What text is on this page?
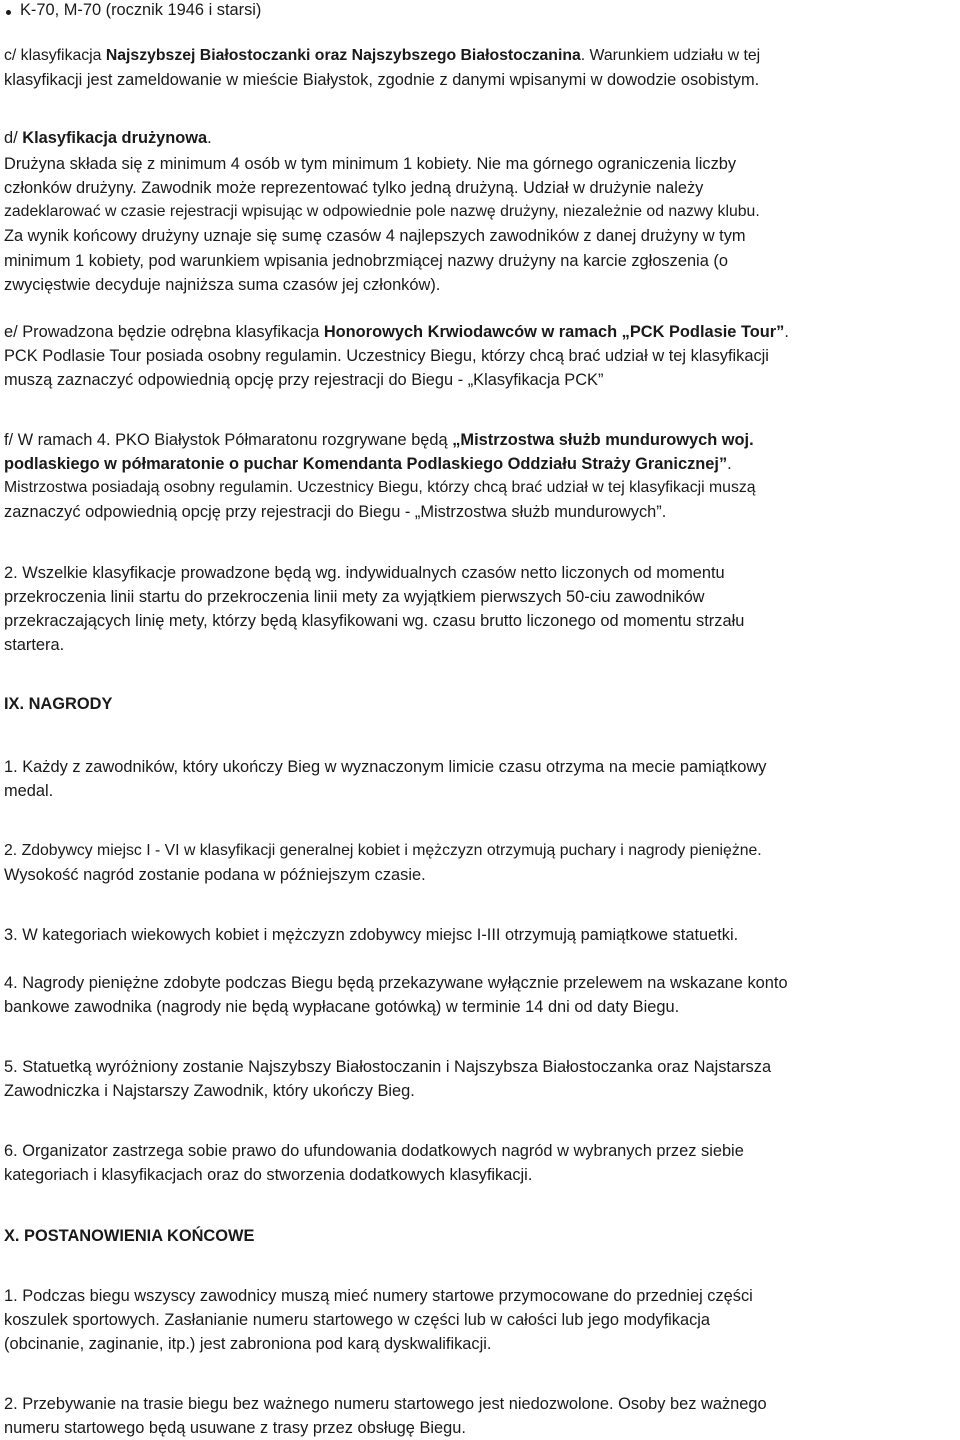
K-70, M-70 (rocznik 1946 i starsi)
c/ klasyfikacja Najszybszej Białostoczanki oraz Najszybszego Białostoczanina. Warunkiem udziału w tej
klasyfikacji jest zameldowanie w mieście Białystok, zgodnie z danymi wpisanymi w dowodzie osobistym.
d/ Klasyfikacja drużynowa.
Drużyna składa się z minimum 4 osób w tym minimum 1 kobiety. Nie ma górnego ograniczenia liczby
członków drużyny. Zawodnik może reprezentować tylko jedną drużyną. Udział w drużynie należy
zadeklarować w czasie rejestracji wpisując w odpowiednie pole nazwę drużyny, niezależnie od nazwy klubu.
Za wynik końcowy drużyny uznaje się sumę czasów 4 najlepszych zawodników z danej drużyny w tym
minimum 1 kobiety, pod warunkiem wpisania jednobrzmiącej nazwy drużyny na karcie zgłoszenia (o
zwycięstwie decyduje najniższa suma czasów jej członków).
e/ Prowadzona będzie odrębna klasyfikacja Honorowych Krwiodawców w ramach „PCK Podlasie Tour”.
PCK Podlasie Tour posiada osobny regulamin. Uczestnicy Biegu, którzy chcą brać udział w tej klasyfikacji
muszą zaznaczyć odpowiednią opcję przy rejestracji do Biegu - „Klasyfikacja PCK”
f/ W ramach 4. PKO Białystok Półmaratonu rozgrywane będą „Mistrzostwa służb mundurowych woj.
podlaskiego w półmaratonie o puchar Komendanta Podlaskiego Oddziału Straży Granicznej”.
Mistrzostwa posiadają osobny regulamin. Uczestnicy Biegu, którzy chcą brać udział w tej klasyfikacji muszą
zaznaczyć odpowiednią opcję przy rejestracji do Biegu - „Mistrzostwa służb mundurowych”.
2. Wszelkie klasyfikacje prowadzone będą wg. indywidualnych czasów netto liczonych od momentu
przekroczenia linii startu do przekroczenia linii mety za wyjątkiem pierwszych 50-ciu zawodników
przekraczających linię mety, którzy będą klasyfikowani wg. czasu brutto liczonego od momentu strzału
startera.
IX. NAGRODY
1. Każdy z zawodników, który ukończy Bieg w wyznaczonym limicie czasu otrzyma na mecie pamiątkowy
medal.
2. Zdobywcy miejsc I - VI w klasyfikacji generalnej kobiet i mężczyzn otrzymują puchary i nagrody pieniężne.
Wysokość nagród zostanie podana w późniejszym czasie.
3. W kategoriach wiekowych kobiet i mężczyzn zdobywcy miejsc I-III otrzymują pamiątkowe statuetki.
4. Nagrody pieniężne zdobyte podczas Biegu będą przekazywane wyłącznie przelewem na wskazane konto
bankowe zawodnika (nagrody nie będą wypłacane gotówką) w terminie 14 dni od daty Biegu.
5. Statuetką wyróżniony zostanie Najszybszy Białostoczanin i Najszybsza Białostoczanka oraz Najstarsza
Zawodniczka i Najstarszy Zawodnik, który ukończy Bieg.
6. Organizator zastrzega sobie prawo do ufundowania dodatkowych nagród w wybranych przez siebie
kategoriach i klasyfikacjach oraz do stworzenia dodatkowych klasyfikacji.
X. POSTANOWIENIA KOŃCOWE
1. Podczas biegu wszyscy zawodnicy muszą mieć numery startowe przymocowane do przedniej części
koszulek sportowych. Zasłanianie numeru startowego w części lub w całości lub jego modyfikacja
(obcinanie, zaginanie, itp.) jest zabroniona pod karą dyskwalifikacji.
2. Przebywanie na trasie biegu bez ważnego numeru startowego jest niedozwolone. Osoby bez ważnego
numeru startowego będą usuwane z trasy przez obsługę Biegu.
